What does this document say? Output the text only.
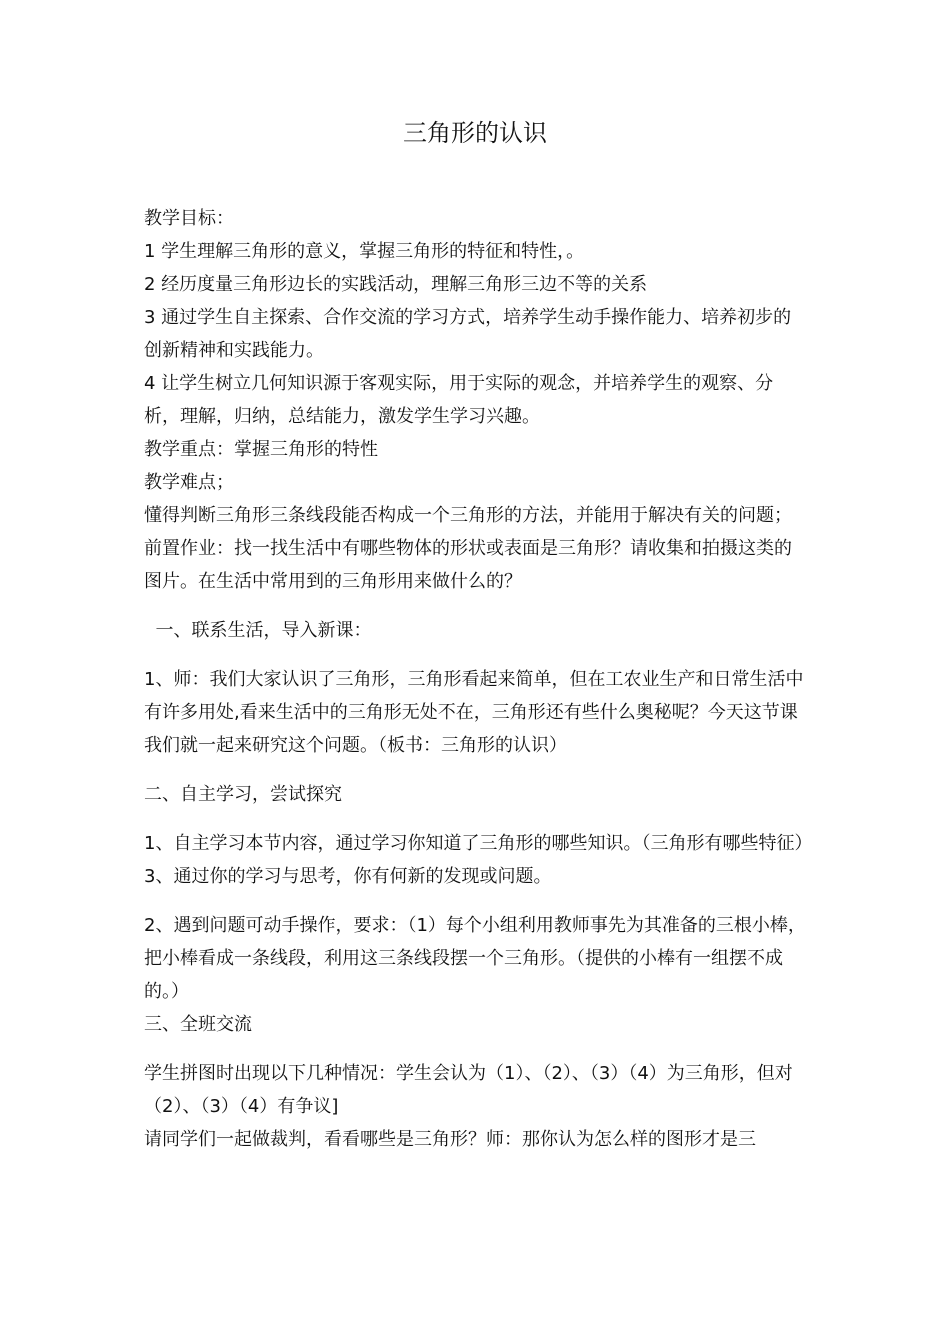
三角形的认识

教学目标：

1 学生理解三角形的意义，掌握三角形的特征和特性，。

2 经历度量三角形边长的实践活动，理解三角形三边不等的关系

3 通过学生自主探索、合作交流的学习方式，培养学生动手操作能力、培养初步的创新精神和实践能力。

4 让学生树立几何知识源于客观实际，用于实际的观念，并培养学生的观察、分析，理解，归纳，总结能力，激发学生学习兴趣。

教学重点：掌握三角形的特性

教学难点；

懂得判断三角形三条线段能否构成一个三角形的方法，并能用于解决有关的问题；

前置作业：找一找生活中有哪些物体的形状或表面是三角形？请收集和拍摄这类的图片。在生活中常用到的三角形用来做什么的？

一、联系生活，导入新课：

1、师：我们大家认识了三角形，三角形看起来简单，但在工农业生产和日常生活中有许多用处,看来生活中的三角形无处不在，三角形还有些什么奥秘呢？今天这节课我们就一起来研究这个问题。（板书：三角形的认识）

二、自主学习，尝试探究

1、自主学习本节内容，通过学习你知道了三角形的哪些知识。（三角形有哪些特征）3、通过你的学习与思考，你有何新的发现或问题。

2、遇到问题可动手操作，要求：（1）每个小组利用教师事先为其准备的三根小棒，把小棒看成一条线段，利用这三条线段摆一个三角形。（提供的小棒有一组摆不成的。）

三、全班交流

学生拼图时出现以下几种情况：学生会认为（1）、（2）、（3）（4）为三角形，但对（2）、（3）（4）有争议]

请同学们一起做裁判，看看哪些是三角形？师：那你认为怎么样的图形才是三
